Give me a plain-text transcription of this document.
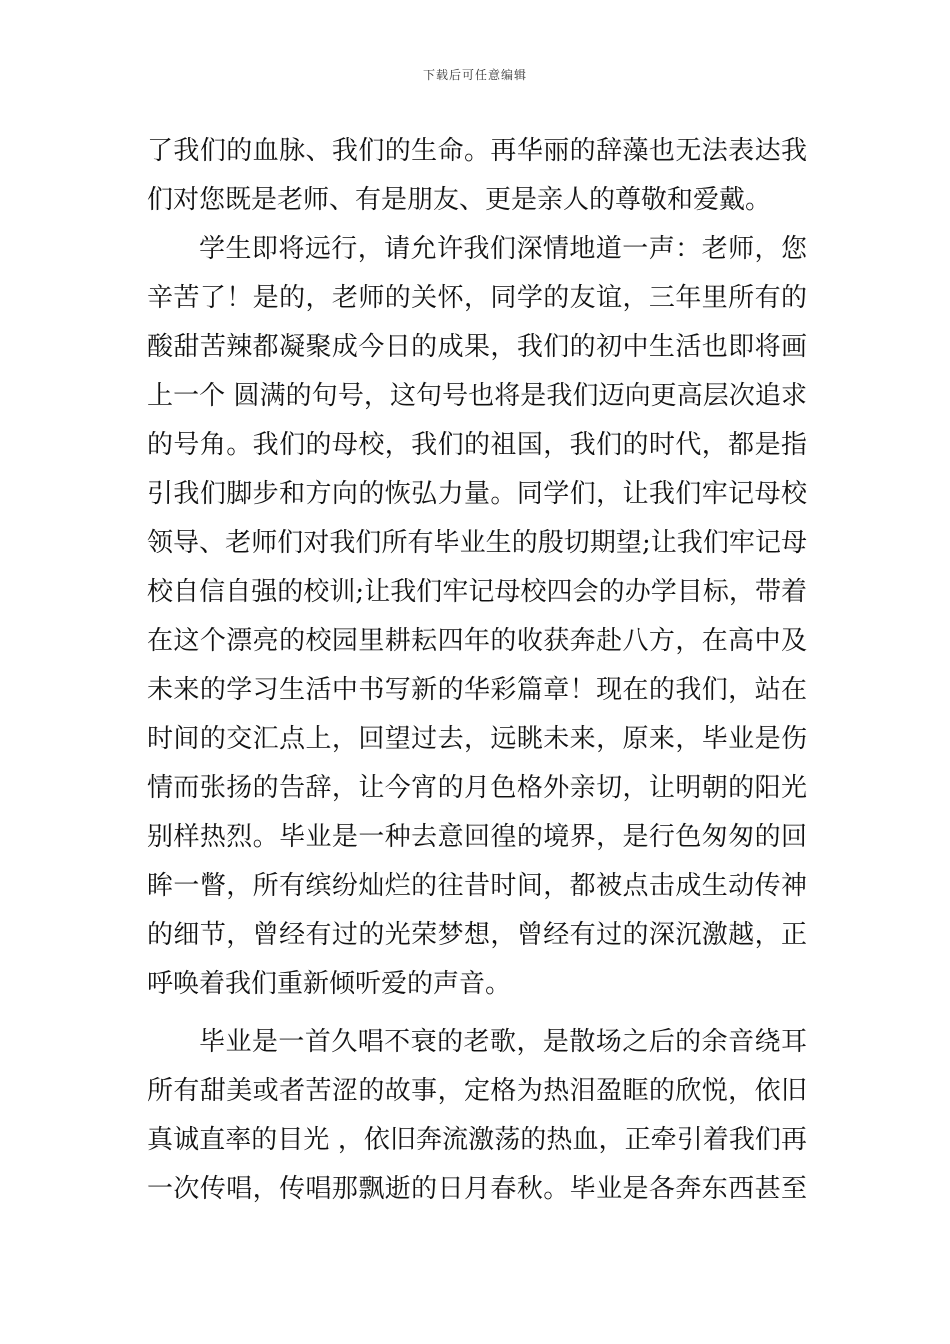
下载后可任意编辑
了我们的血脉、我们的生命。再华丽的辞藻也无法表达我
们对您既是老师、有是朋友、更是亲人的尊敬和爱戴。
学生即将远行，请允许我们深情地道一声：老师，您
辛苦了！是的，老师的关怀，同学的友谊，三年里所有的
酸甜苦辣都凝聚成今日的成果，我们的初中生活也即将画
上一个 圆满的句号，这句号也将是我们迈向更高层次追求
的号角。我们的母校，我们的祖国，我们的时代，都是指
引我们脚步和方向的恢弘力量。同学们，让我们牢记母校
领导、老师们对我们所有毕业生的殷切期望;让我们牢记母
校自信自强的校训;让我们牢记母校四会的办学目标，带着
在这个漂亮的校园里耕耘四年的收获奔赴八方，在高中及
未来的学习生活中书写新的华彩篇章！现在的我们，站在
时间的交汇点上，回望过去，远眺未来，原来，毕业是伤
情而张扬的告辞，让今宵的月色格外亲切，让明朝的阳光
别样热烈。毕业是一种去意回徨的境界，是行色匆匆的回
眸一瞥，所有缤纷灿烂的往昔时间，都被点击成生动传神
的细节，曾经有过的光荣梦想，曾经有过的深沉激越，正
呼唤着我们重新倾听爱的声音。
毕业是一首久唱不衰的老歌，是散场之后的余音绕耳
所有甜美或者苦涩的故事，定格为热泪盈眶的欣悦，依旧
真诚直率的目光 ，依旧奔流激荡的热血，正牵引着我们再
一次传唱，传唱那飘逝的日月春秋。毕业是各奔东西甚至
